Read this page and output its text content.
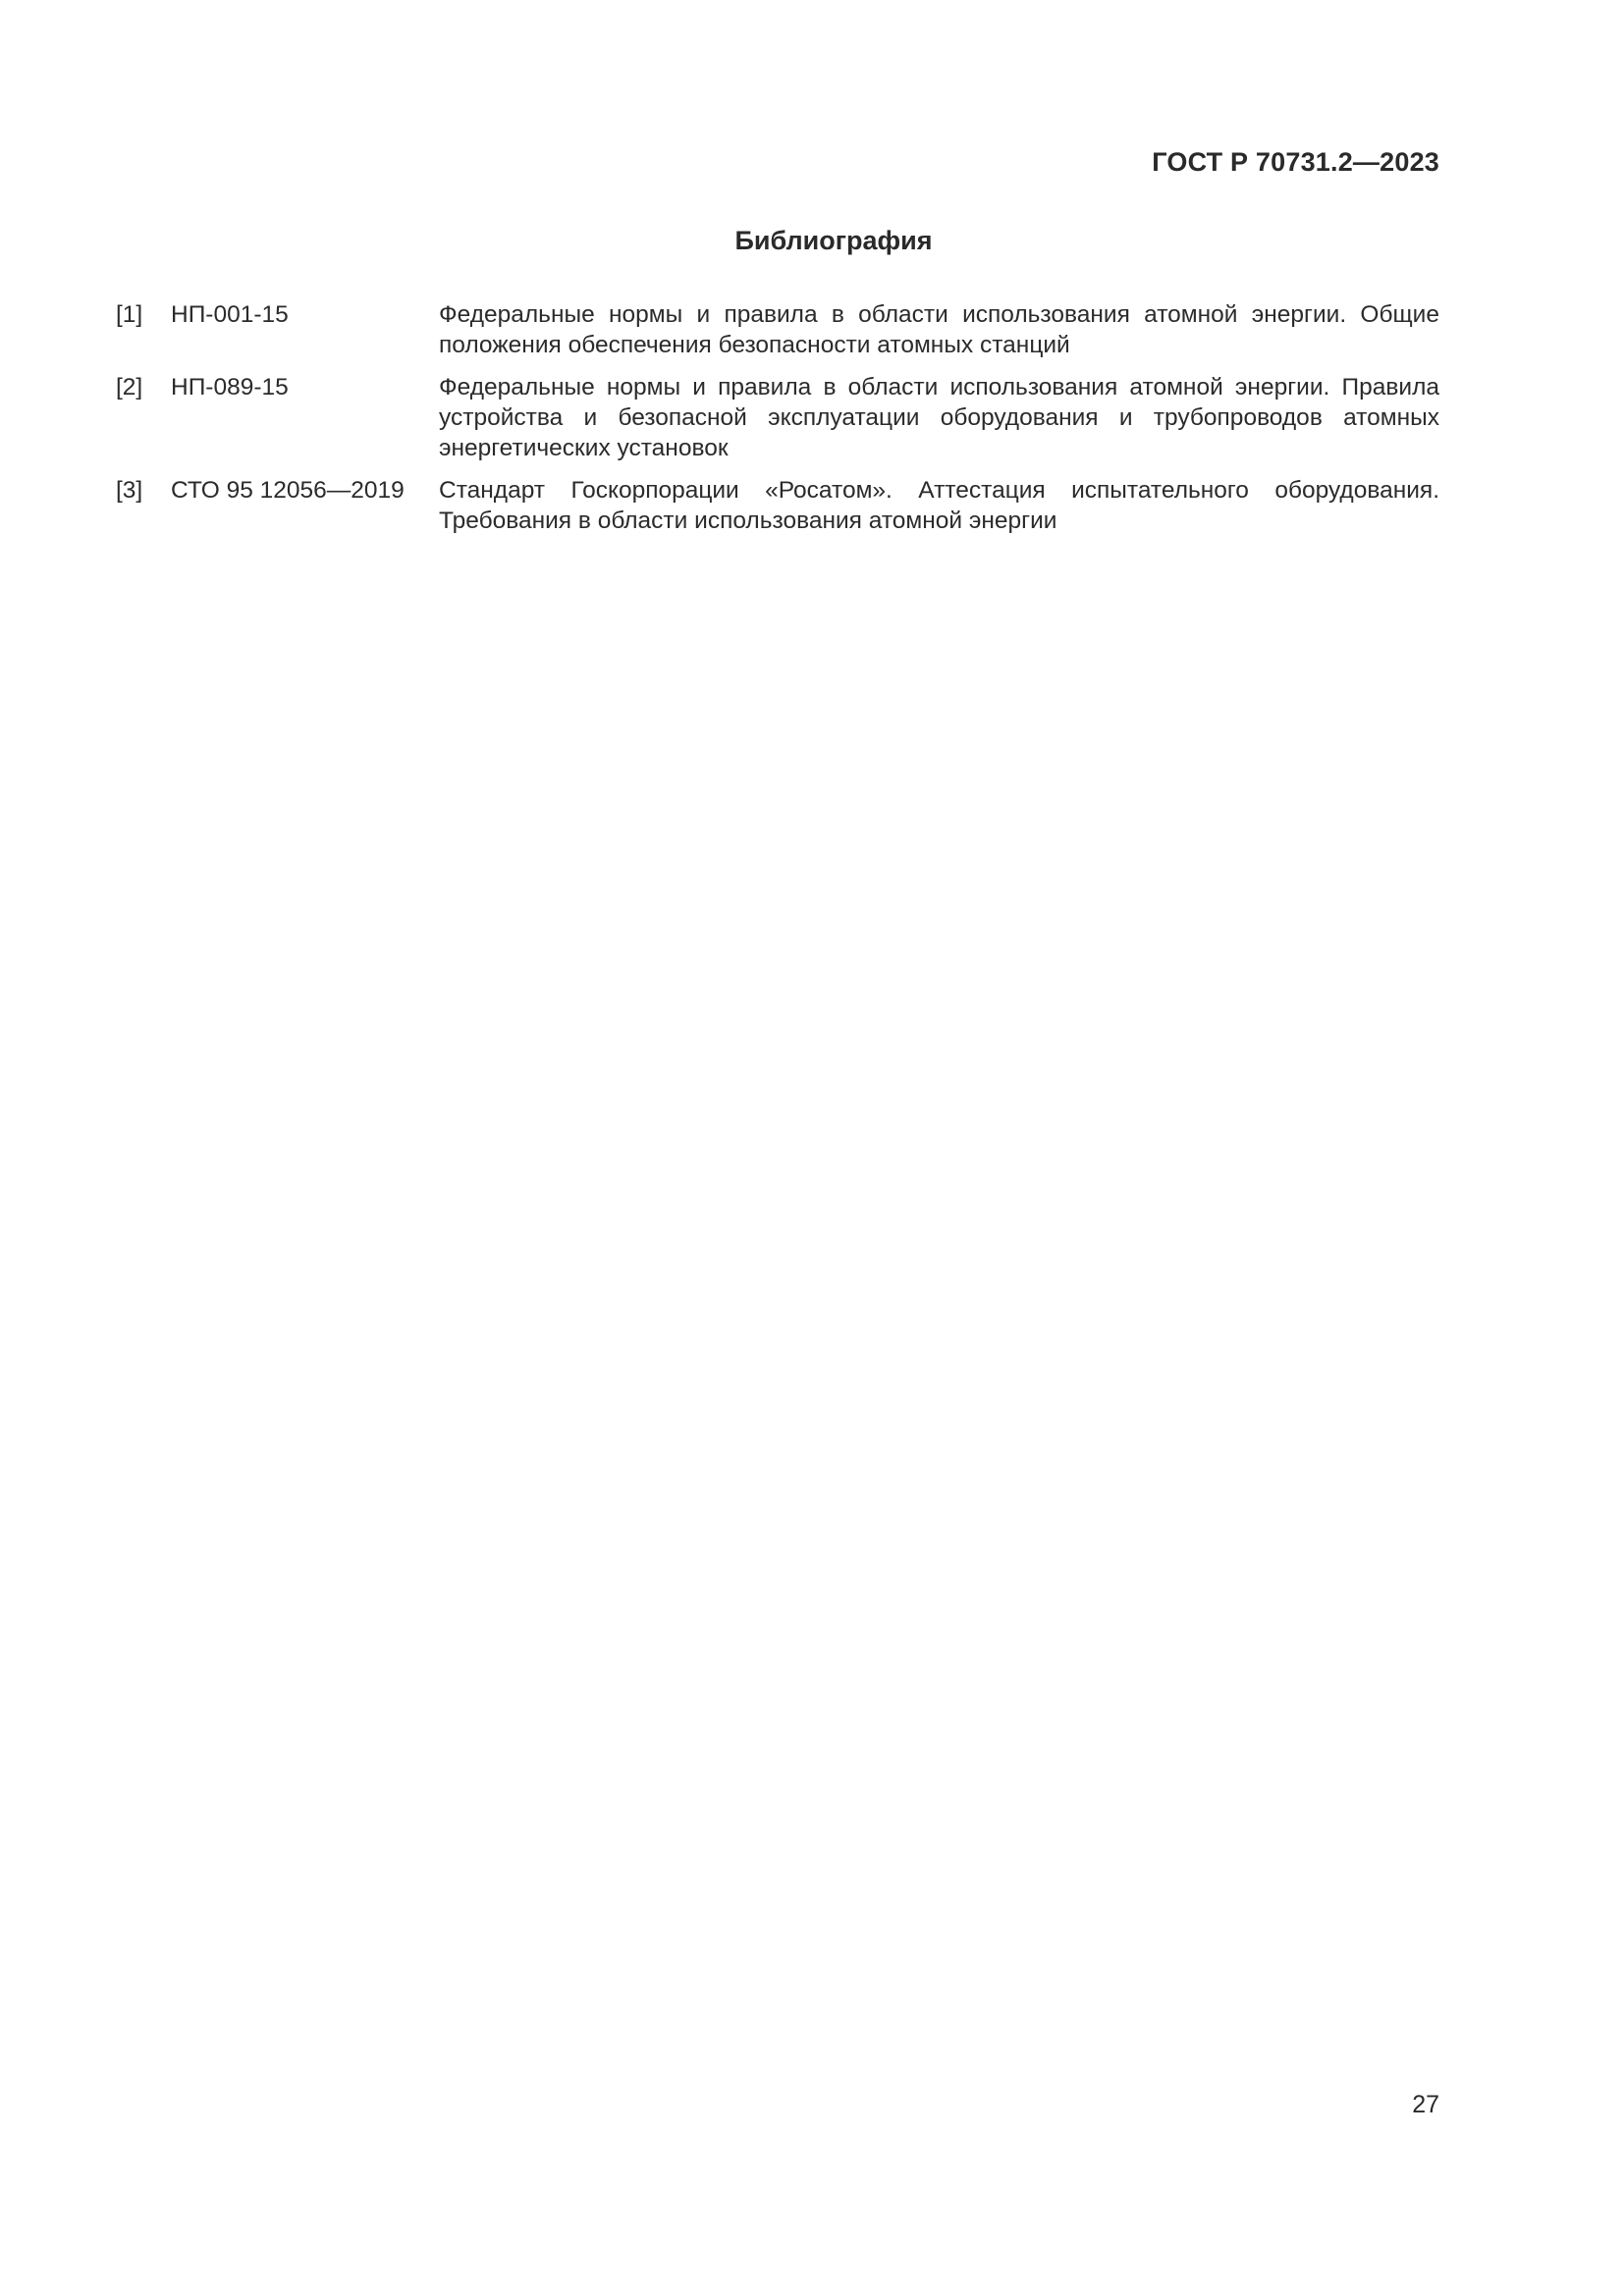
ГОСТ Р 70731.2—2023
Библиография
[1] НП-001-15	Федеральные нормы и правила в области использования атомной энергии. Общие положения обеспечения безопасности атомных станций
[2] НП-089-15	Федеральные нормы и правила в области использования атомной энергии. Правила устройства и безопасной эксплуатации оборудования и трубопроводов атомных энергетических установок
[3] СТО 95 12056—2019 Стандарт Госкорпорации «Росатом». Аттестация испытательного оборудования. Требования в области использования атомной энергии
27
